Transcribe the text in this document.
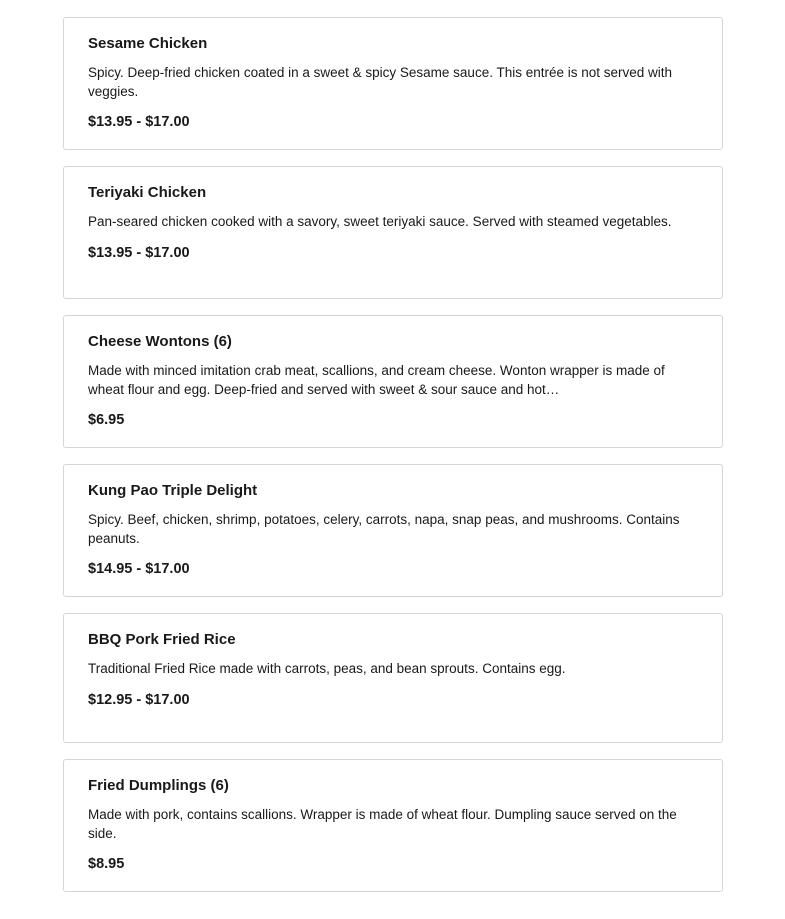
Sesame Chicken

Spicy. Deep-fried chicken coated in a sweet & spicy Sesame sauce. This entrée is not served with veggies.

$13.95 - $17.00

Teriyaki Chicken

Pan-seared chicken cooked with a savory, sweet teriyaki sauce. Served with steamed vegetables.

$13.95 - $17.00

Cheese Wontons (6)

Made with minced imitation crab meat, scallions, and cream cheese. Wonton wrapper is made of wheat flour and egg. Deep-fried and served with sweet & sour sauce and hot…

$6.95

Kung Pao Triple Delight

Spicy. Beef, chicken, shrimp, potatoes, celery, carrots, napa, snap peas, and mushrooms. Contains peanuts.

$14.95 - $17.00

BBQ Pork Fried Rice

Traditional Fried Rice made with carrots, peas, and bean sprouts. Contains egg.

$12.95 - $17.00

Fried Dumplings (6)

Made with pork, contains scallions. Wrapper is made of wheat flour. Dumpling sauce served on the side.

$8.95
